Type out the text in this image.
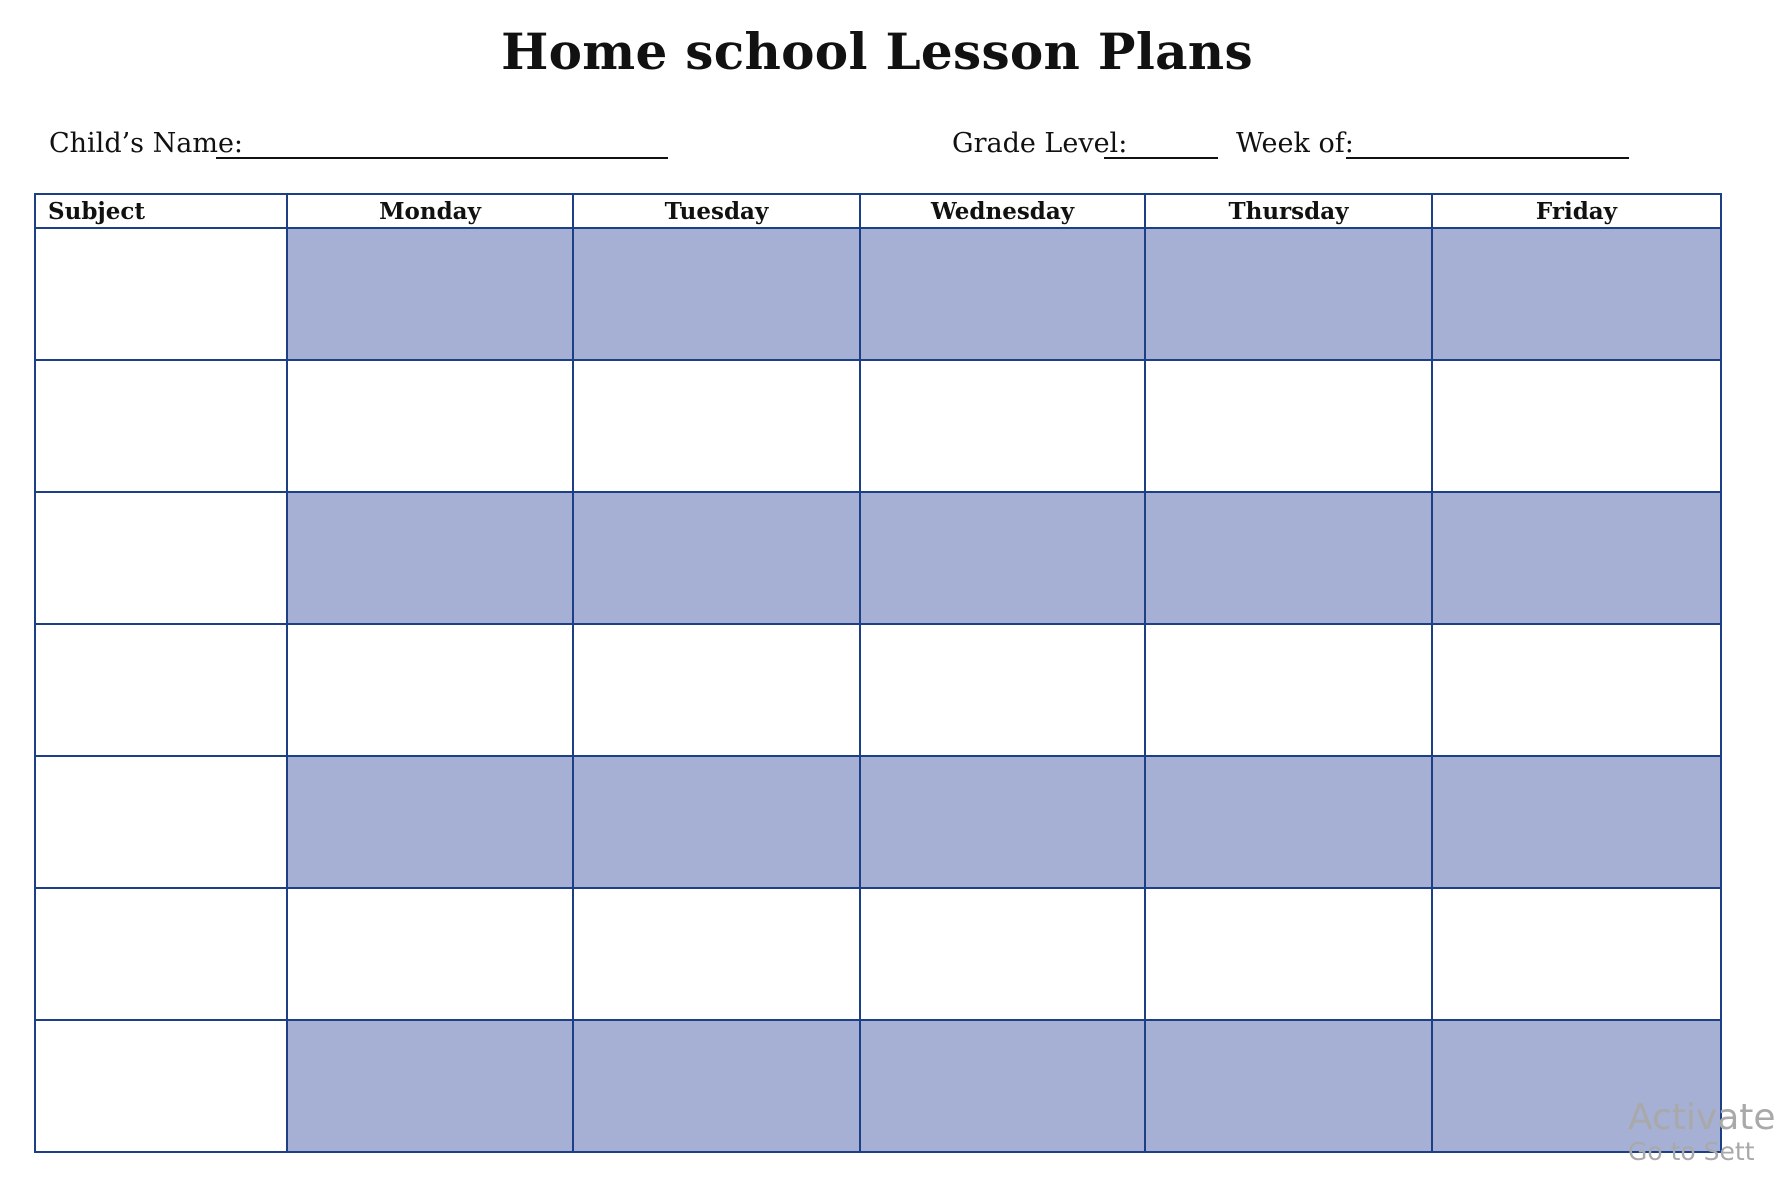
Home school Lesson Plans
Child’s Name:	Grade Level:	Week of:
Subject	Monday	Tuesday	Wednesday	Thursday	Friday

Activate
Go to Sett
